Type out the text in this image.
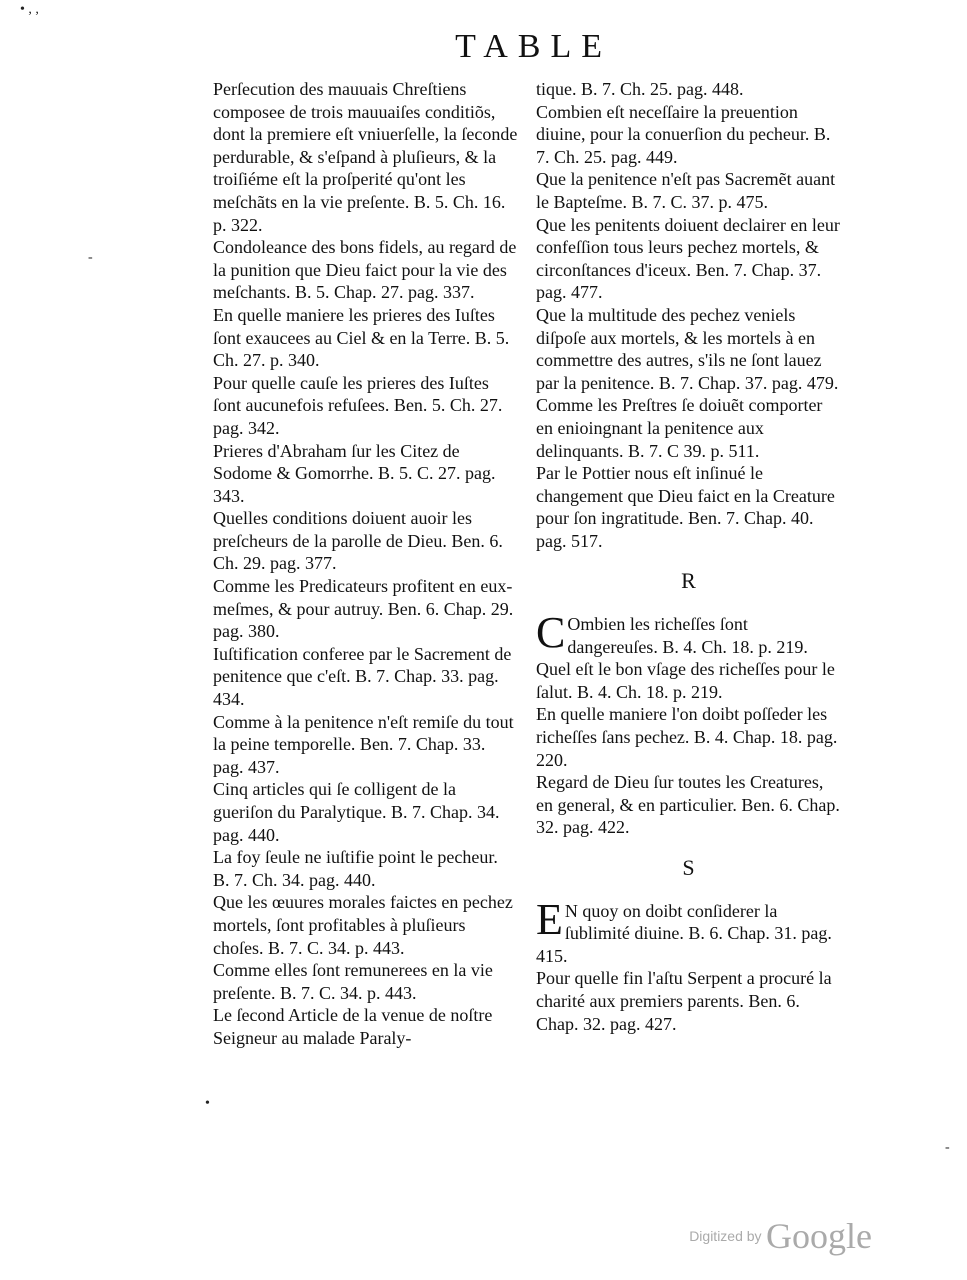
• , ,
-
•
-
TABLE

Perſecution des mauuais Chreſtiens composee de trois mauuaiſes conditiõs, dont la premiere eſt vniuerſelle, la ſeconde perdurable, & s'eſpand à pluſieurs, & la troiſiéme eſt la proſperité qu'ont les meſchãts en la vie preſente. B. 5. Ch. 16. p. 322.

Condoleance des bons fidels, au regard de la punition que Dieu faict pour la vie des meſchants. B. 5. Chap. 27. pag. 337.

En quelle maniere les prieres des Iuſtes ſont exaucees au Ciel & en la Terre. B. 5. Ch. 27. p. 340.

Pour quelle cauſe les prieres des Iuſtes ſont aucunefois refuſees. Ben. 5. Ch. 27. pag. 342.

Prieres d'Abraham ſur les Citez de Sodome & Gomorrhe. B. 5. C. 27. pag. 343.

Quelles conditions doiuent auoir les preſcheurs de la parolle de Dieu. Ben. 6. Ch. 29. pag. 377.

Comme les Predicateurs profitent en eux-meſmes, & pour autruy. Ben. 6. Chap. 29. pag. 380.

Iuſtification conferee par le Sacrement de penitence que c'eſt. B. 7. Chap. 33. pag. 434.

Comme à la penitence n'eſt remiſe du tout la peine temporelle. Ben. 7. Chap. 33. pag. 437.

Cinq articles qui ſe colligent de la gueriſon du Paralytique. B. 7. Chap. 34. pag. 440.

La foy ſeule ne iuſtifie point le pecheur. B. 7. Ch. 34. pag. 440.

Que les œuures morales faictes en pechez mortels, ſont profitables à pluſieurs choſes. B. 7. C. 34. p. 443.

Comme elles ſont remunerees en la vie preſente. B. 7. C. 34. p. 443.

Le ſecond Article de la venue de noſtre Seigneur au malade Paraly-

tique. B. 7. Ch. 25. pag. 448.

Combien eſt neceſſaire la preuention diuine, pour la conuerſion du pecheur. B. 7. Ch. 25. pag. 449.

Que la penitence n'eſt pas Sacremẽt auant le Bapteſme. B. 7. C. 37. p. 475.

Que les penitents doiuent declairer en leur confeſſion tous leurs pechez mortels, & circonſtances d'iceux. Ben. 7. Chap. 37. pag. 477.

Que la multitude des pechez veniels diſpoſe aux mortels, & les mortels à en commettre des autres, s'ils ne ſont lauez par la penitence. B. 7. Chap. 37. pag. 479.

Comme les Preſtres ſe doiuẽt comporter en enioingnant la penitence aux delinquants. B. 7. C 39. p. 511.

Par le Pottier nous eſt inſinué le changement que Dieu faict en la Creature pour ſon ingratitude. Ben. 7. Chap. 40. pag. 517.

R

COmbien les richeſſes ſont dangereuſes. B. 4. Ch. 18. p. 219.

Quel eſt le bon vſage des richeſſes pour le ſalut. B. 4. Ch. 18. p. 219.

En quelle maniere l'on doibt poſſeder les richeſſes ſans pechez. B. 4. Chap. 18. pag. 220.

Regard de Dieu ſur toutes les Creatures, en general, & en particulier. Ben. 6. Chap. 32. pag. 422.

S

EN quoy on doibt conſiderer la ſublimité diuine. B. 6. Chap. 31. pag. 415.

Pour quelle fin l'aſtu Serpent a procuré la charité aux premiers parents. Ben. 6. Chap. 32. pag. 427.

Digitized by Google
